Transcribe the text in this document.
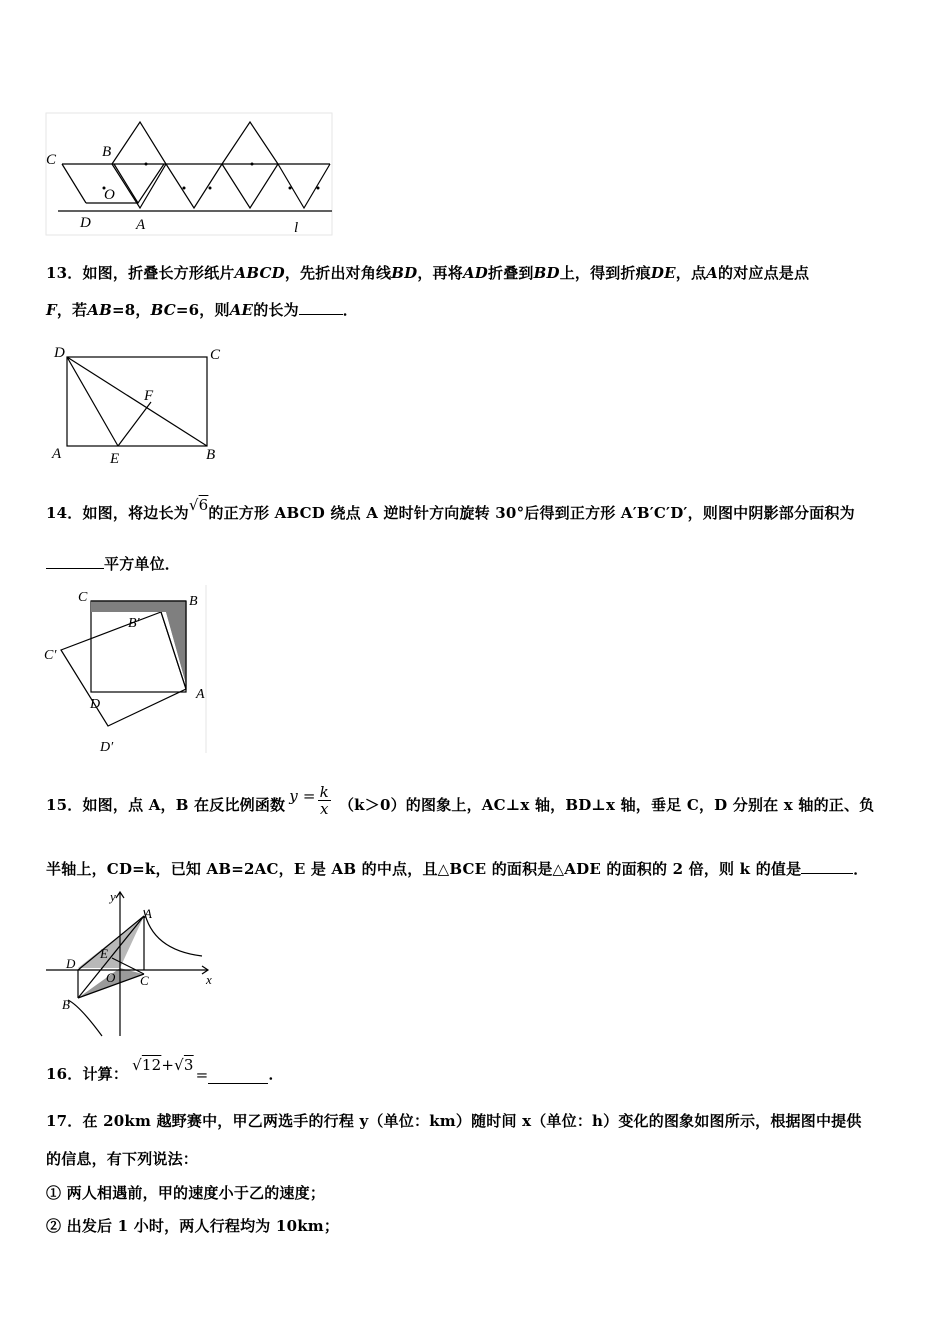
C	B
O
D	A	l
13．如图，折叠长方形纸片ABCD，先折出对角线BD，再将AD折叠到BD上，得到折痕DE，点A的对应点是点
F，若AB=8，BC=6，则AE的长为	．
D	C
F
A	E	B
14．如图，将边长为√6的正方形 ABCD 绕点 A 逆时针方向旋转 30°后得到正方形 A′B′C′D′，则图中阴影部分面积为
平方单位．
C	B
B′
C′
D
A
D′
15． 如图，点 A，B 在反比例函数 $y = \frac{k}{x} (k>0)$的图象上，AC⊥x 轴，BD⊥x 轴，垂足 C，D 分别在 x 轴的正、负
半轴上，CD=k，已知 AB=2AC，E 是 AB 的中点，且△BCE 的面积是△ADE 的面积的 2 倍，则 k 的值是	．
y
A
D
E
O C
B
x
16． 计算： √12+√3
=	．
17．在 20km 越野赛中，甲乙两选手的行程 y（单位：km）随时间 x（单位：h）变化的图象如图所示，根据图中提供
的信息，有下列说法：
① 两人相遇前，甲的速度小于乙的速度；
② 出发后 1 小时，两人行程均为 10km；
